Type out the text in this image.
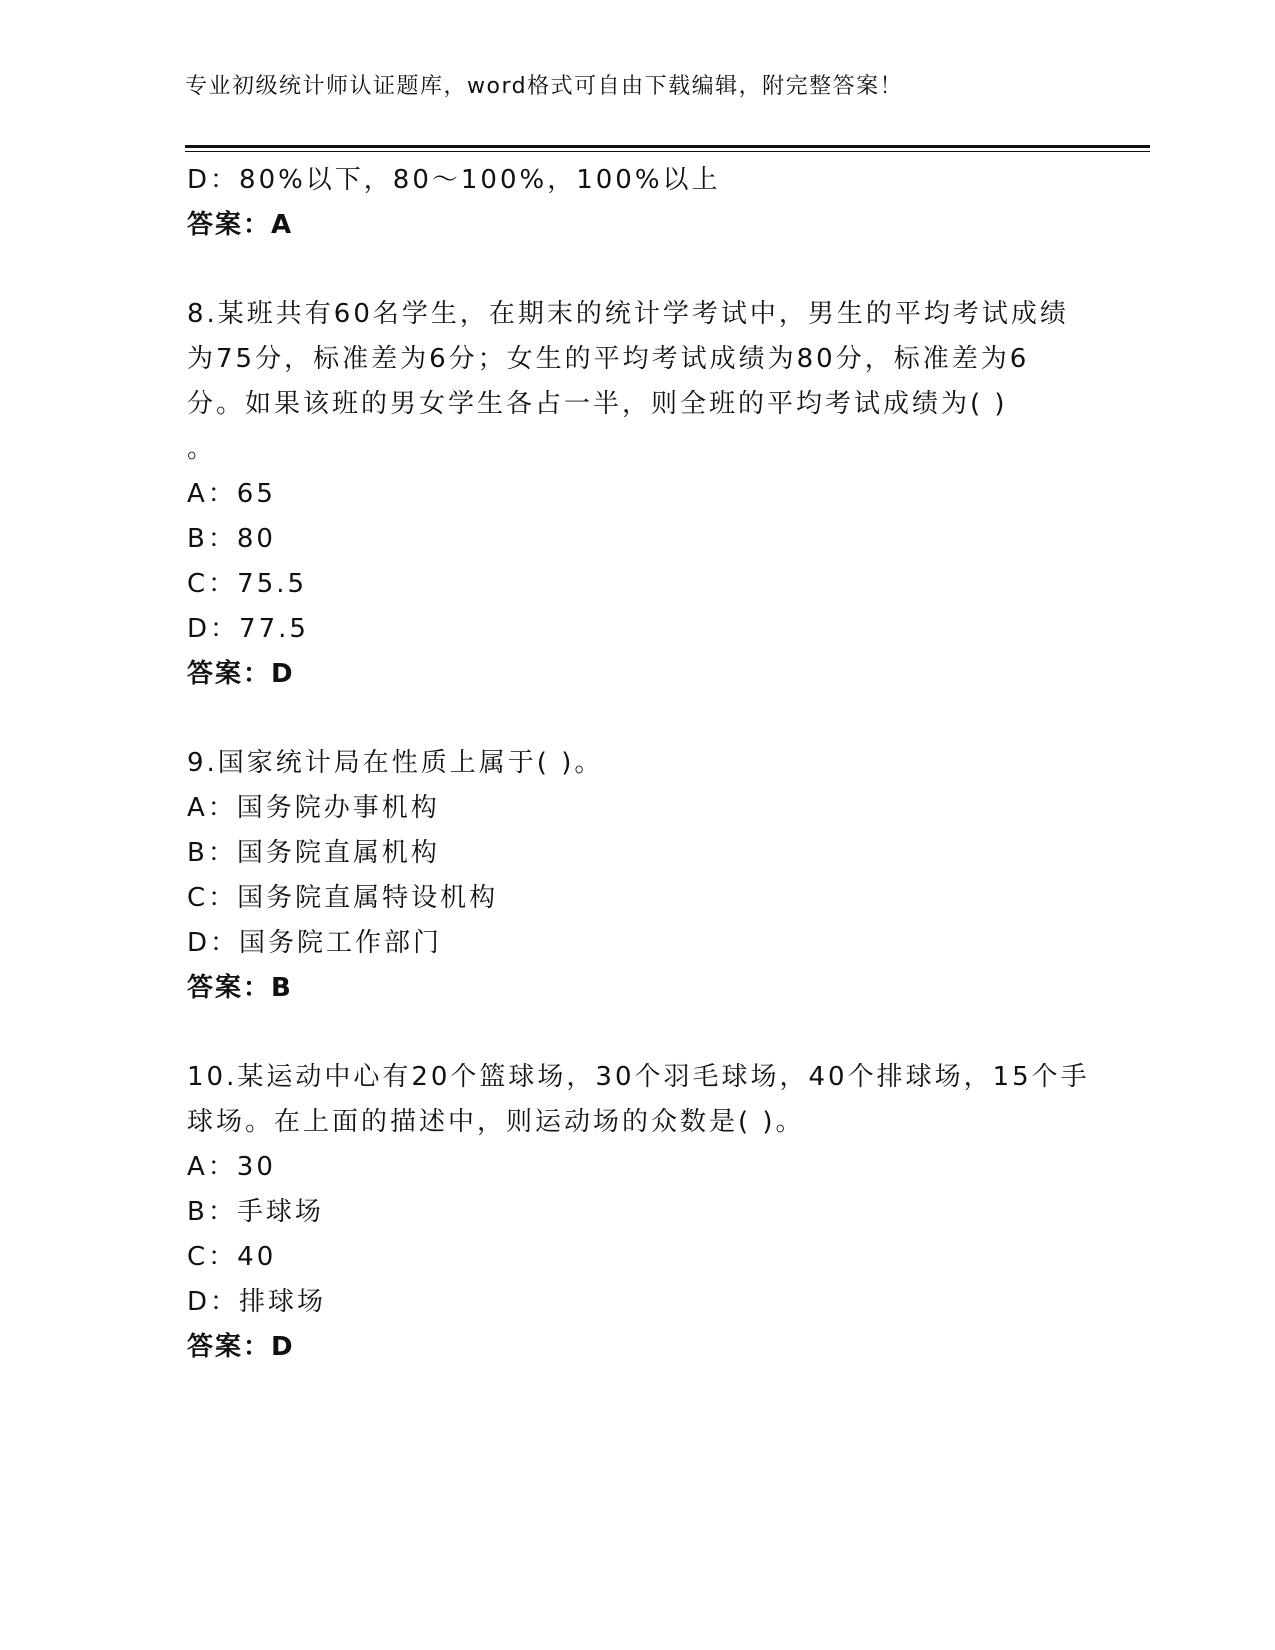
专业初级统计师认证题库，word格式可自由下载编辑，附完整答案！
D：80%以下，80～100%，100%以上
答案：A
8.某班共有60名学生，在期末的统计学考试中，男生的平均考试成绩
为75分，标准差为6分；女生的平均考试成绩为80分，标准差为6
分。如果该班的男女学生各占一半，则全班的平均考试成绩为( )
。
A：65
B：80
C：75.5
D：77.5
答案：D
9.国家统计局在性质上属于( )。
A：国务院办事机构
B：国务院直属机构
C：国务院直属特设机构
D：国务院工作部门
答案：B
10.某运动中心有20个篮球场，30个羽毛球场，40个排球场，15个手
球场。在上面的描述中，则运动场的众数是( )。
A：30
B：手球场
C：40
D：排球场
答案：D
